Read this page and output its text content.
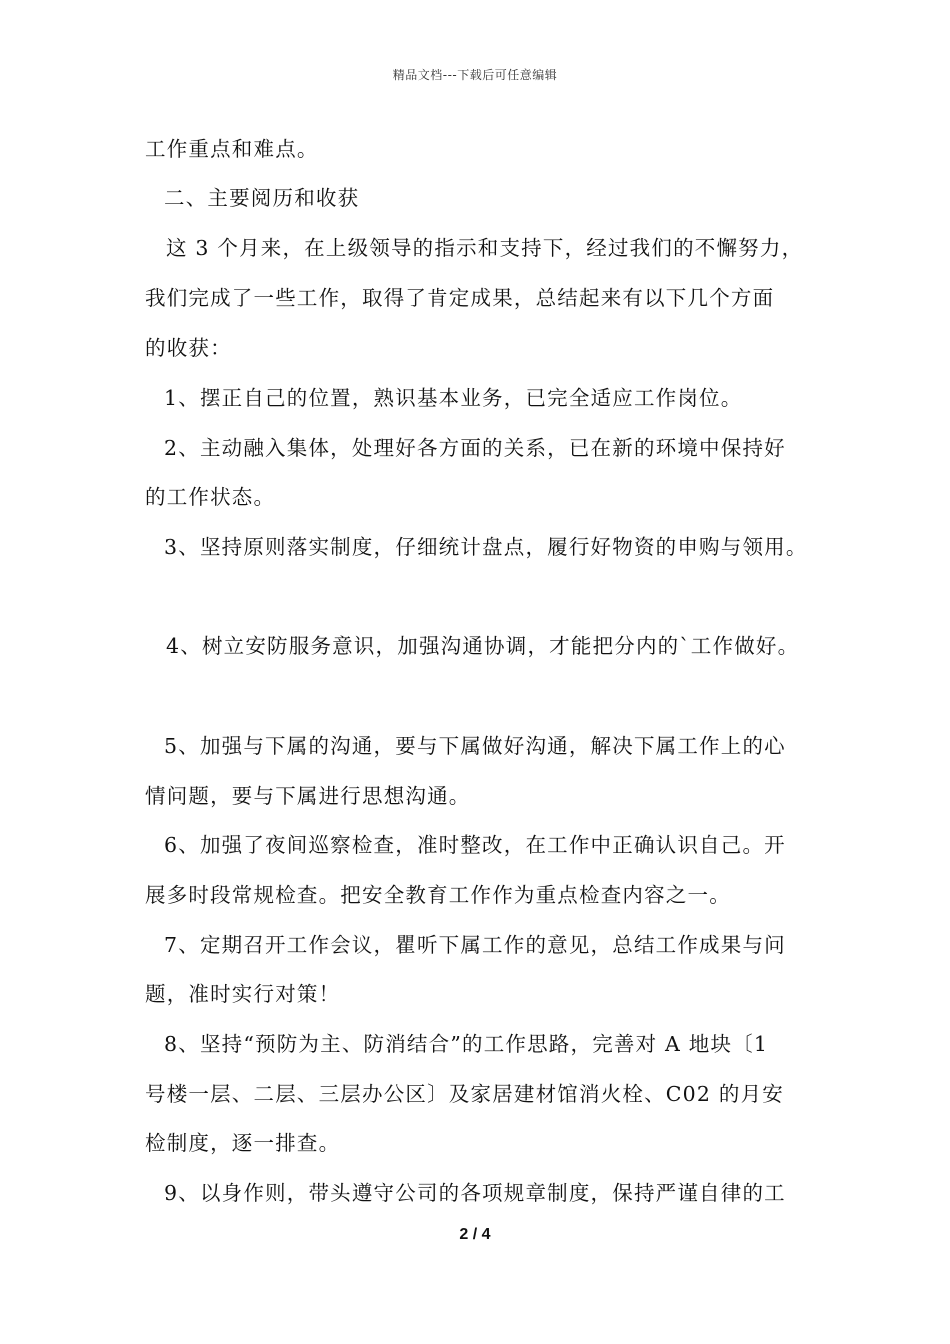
精品文档---下载后可任意编辑
工作重点和难点。
二、主要阅历和收获
这 3 个月来，在上级领导的指示和支持下，经过我们的不懈努力，
我们完成了一些工作，取得了肯定成果，总结起来有以下几个方面
的收获：
1、摆正自己的位置，熟识基本业务，已完全适应工作岗位。
2、主动融入集体，处理好各方面的关系，已在新的环境中保持好
的工作状态。
3、坚持原则落实制度，仔细统计盘点，履行好物资的申购与领用。
4、树立安防服务意识，加强沟通协调，才能把分内的`工作做好。
5、加强与下属的沟通，要与下属做好沟通，解决下属工作上的心
情问题，要与下属进行思想沟通。
6、加强了夜间巡察检查，准时整改，在工作中正确认识自己。开
展多时段常规检查。把安全教育工作作为重点检查内容之一。
7、定期召开工作会议，瞿听下属工作的意见，总结工作成果与问
题，准时实行对策！
8、坚持“预防为主、防消结合”的工作思路，完善对 A 地块〔1
号楼一层、二层、三层办公区〕及家居建材馆消火栓、C02 的月安
检制度，逐一排查。
9、以身作则，带头遵守公司的各项规章制度，保持严谨自律的工
2 / 4
